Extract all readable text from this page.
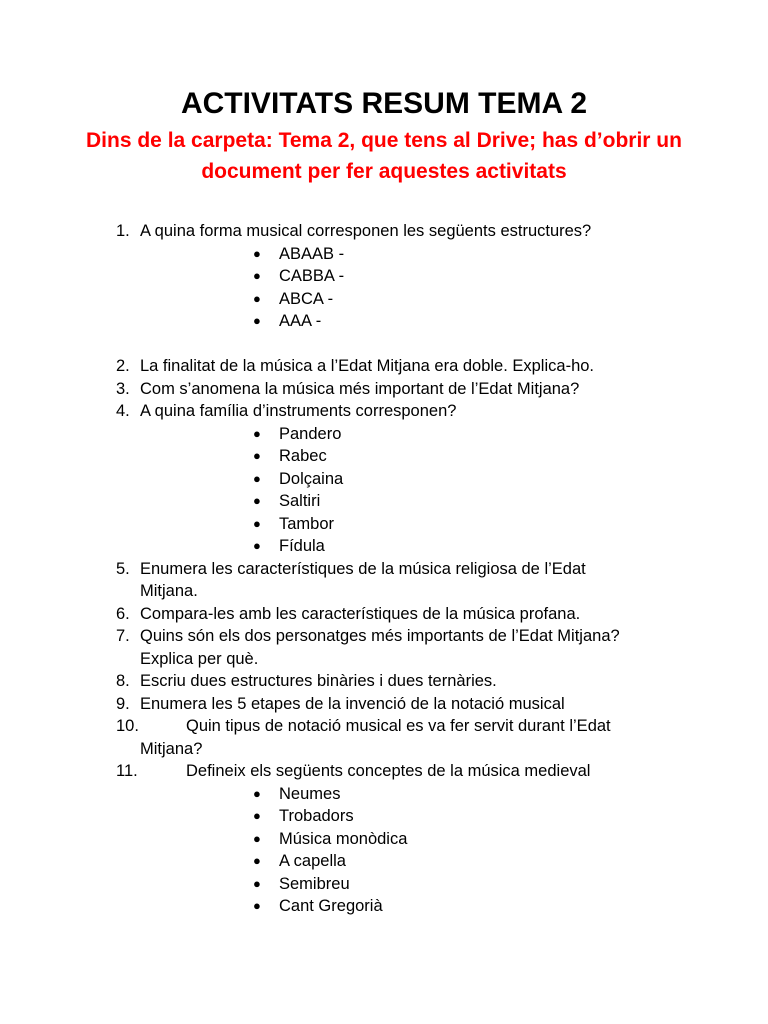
ACTIVITATS RESUM TEMA 2
Dins de la carpeta: Tema 2, que tens al Drive; has d’obrir un document per fer aquestes activitats
1. A quina forma musical corresponen les següents estructures?
● ABAAB -
● CABBA -
● ABCA -
● AAA -
2. La finalitat de la música a l’Edat Mitjana era doble. Explica-ho.
3. Com s’anomena la música més important de l’Edat Mitjana?
4. A quina família d’instruments corresponen?
● Pandero
● Rabec
● Dolçaina
● Saltiri
● Tambor
● Fídula
5. Enumera les característiques de la música religiosa de l’Edat
Mitjana.
6. Compara-les amb les característiques de la música profana.
7. Quins són els dos personatges més importants de l’Edat Mitjana?
Explica per què.
8. Escriu dues estructures binàries i dues ternàries.
9. Enumera les 5 etapes de la invenció de la notació musical
10.	Quin tipus de notació musical es va fer servit durant l’Edat
Mitjana?
11.	Defineix els següents conceptes de la música medieval
● Neumes
● Trobadors
● Música monòdica
● A capella
● Semibreu
● Cant Gregorià
